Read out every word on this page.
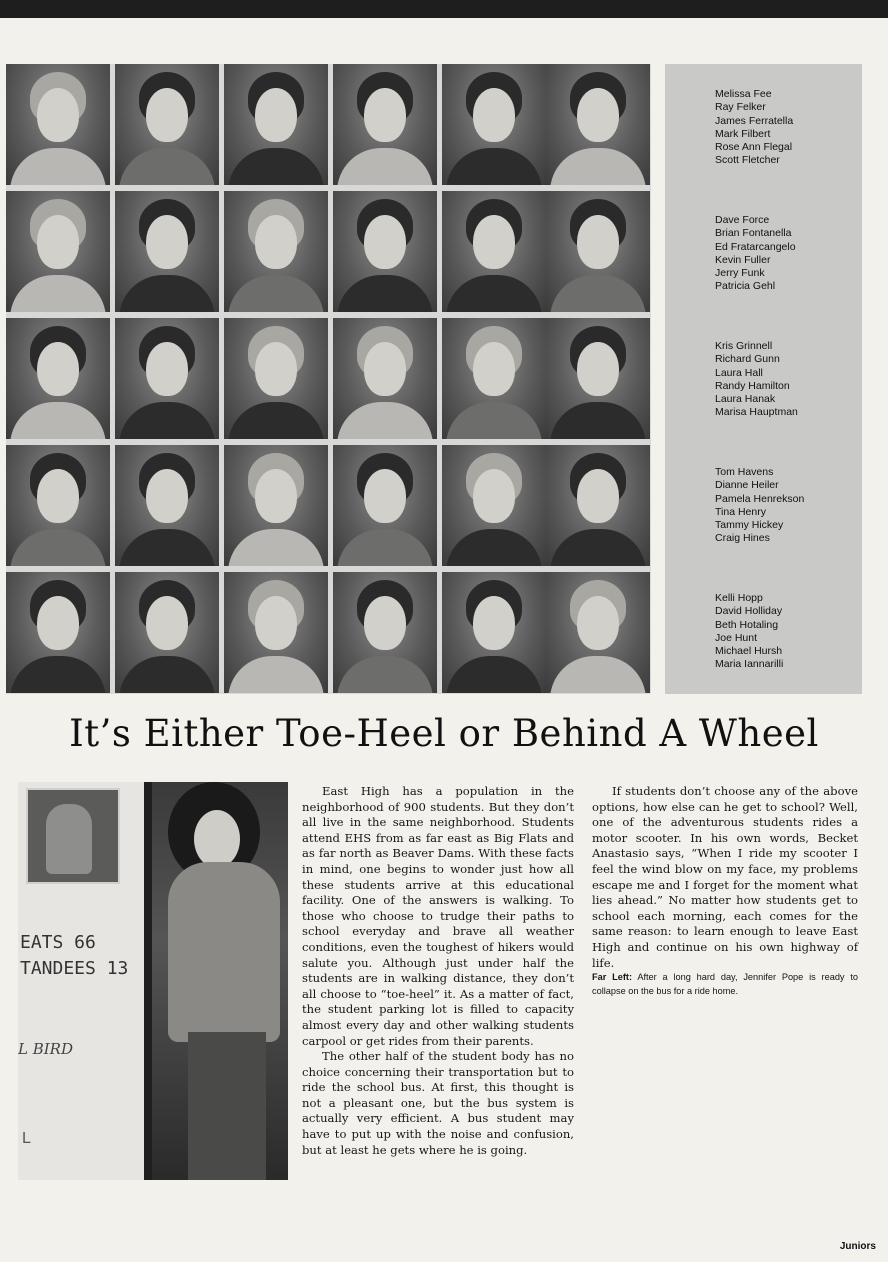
Melissa Fee
Ray Felker
James Ferratella
Mark Filbert
Rose Ann Flegal
Scott Fletcher
Dave Force
Brian Fontanella
Ed Fratarcangelo
Kevin Fuller
Jerry Funk
Patricia Gehl
Kris Grinnell
Richard Gunn
Laura Hall
Randy Hamilton
Laura Hanak
Marisa Hauptman
Tom Havens
Dianne Heiler
Pamela Henrekson
Tina Henry
Tammy Hickey
Craig Hines
Kelli Hopp
David Holliday
Beth Hotaling
Joe Hunt
Michael Hursh
Maria Iannarilli
It’s Either Toe-Heel or Behind A Wheel
EATS 66
TANDEES 13
L BIRD
L

East High has a population in the neighborhood of 900 students. But they don’t all live in the same neighborhood. Students attend EHS from as far east as Big Flats and as far north as Beaver Dams. With these facts in mind, one begins to wonder just how all these students arrive at this educational facility. One of the answers is walking. To those who choose to trudge their paths to school everyday and brave all weather conditions, even the toughest of hikers would salute you. Although just under half the students are in walking distance, they don’t all choose to “toe-heel” it. As a matter of fact, the student parking lot is filled to capacity almost every day and other walking students carpool or get rides from their parents.

The other half of the student body has no choice concerning their transportation but to ride the school bus. At first, this thought is not a pleasant one, but the bus system is actually very efficient. A bus student may have to put up with the noise and confusion, but at least he gets where he is going.

If students don’t choose any of the above options, how else can he get to school? Well, one of the adventurous students rides a motor scooter. In his own words, Becket Anastasio says, “When I ride my scooter I feel the wind blow on my face, my problems escape me and I forget for the moment what lies ahead.” No matter how students get to school each morning, each comes for the same reason: to learn enough to leave East High and continue on his own highway of life.

Far Left: After a long hard day, Jennifer Pope is ready to collapse on the bus for a ride home.

Juniors
